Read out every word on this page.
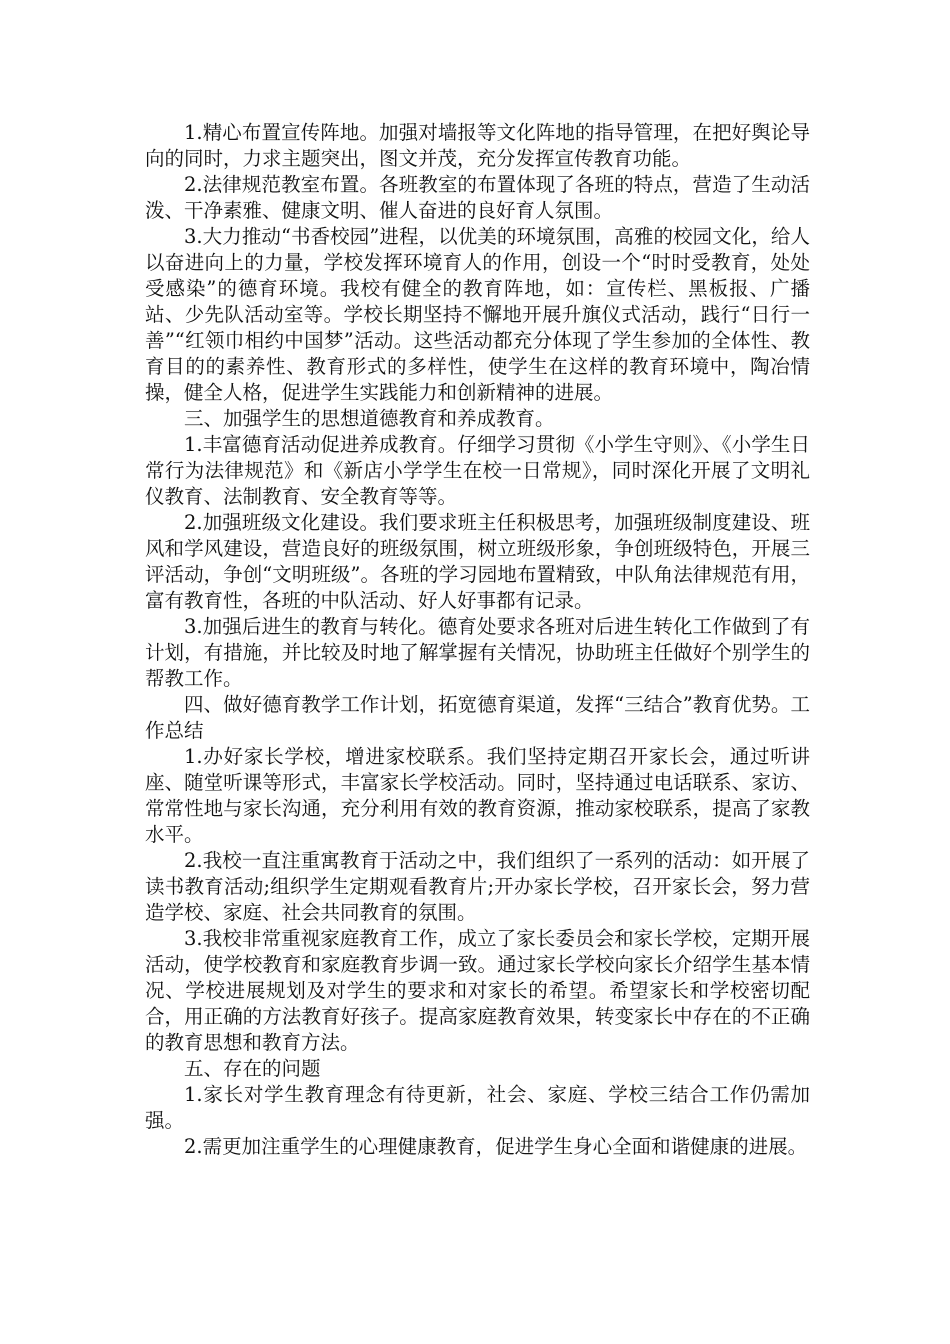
1.精心布置宣传阵地。加强对墙报等文化阵地的指导管理，在把好舆论导向的同时，力求主题突出，图文并茂，充分发挥宣传教育功能。

2.法律规范教室布置。各班教室的布置体现了各班的特点，营造了生动活泼、干净素雅、健康文明、催人奋进的良好育人氛围。

3.大力推动“书香校园”进程，以优美的环境氛围，高雅的校园文化，给人以奋进向上的力量，学校发挥环境育人的作用，创设一个“时时受教育，处处受感染”的德育环境。我校有健全的教育阵地，如：宣传栏、黑板报、广播站、少先队活动室等。学校长期坚持不懈地开展升旗仪式活动，践行“日行一善”“红领巾相约中国梦”活动。这些活动都充分体现了学生参加的全体性、教育目的的素养性、教育形式的多样性，使学生在这样的教育环境中，陶冶情操，健全人格，促进学生实践能力和创新精神的进展。

三、加强学生的思想道德教育和养成教育。

1.丰富德育活动促进养成教育。仔细学习贯彻《小学生守则》、《小学生日常行为法律规范》和《新店小学学生在校一日常规》，同时深化开展了文明礼仪教育、法制教育、安全教育等等。

2.加强班级文化建设。我们要求班主任积极思考，加强班级制度建设、班风和学风建设，营造良好的班级氛围，树立班级形象，争创班级特色，开展三评活动，争创“文明班级”。各班的学习园地布置精致，中队角法律规范有用，富有教育性，各班的中队活动、好人好事都有记录。

3.加强后进生的教育与转化。德育处要求各班对后进生转化工作做到了有计划，有措施，并比较及时地了解掌握有关情况，协助班主任做好个别学生的帮教工作。

四、做好德育教学工作计划，拓宽德育渠道，发挥“三结合”教育优势。工作总结

1.办好家长学校，增进家校联系。我们坚持定期召开家长会，通过听讲座、随堂听课等形式，丰富家长学校活动。同时，坚持通过电话联系、家访、常常性地与家长沟通，充分利用有效的教育资源，推动家校联系，提高了家教水平。

2.我校一直注重寓教育于活动之中，我们组织了一系列的活动：如开展了读书教育活动;组织学生定期观看教育片;开办家长学校，召开家长会，努力营造学校、家庭、社会共同教育的氛围。

3.我校非常重视家庭教育工作，成立了家长委员会和家长学校，定期开展活动，使学校教育和家庭教育步调一致。通过家长学校向家长介绍学生基本情况、学校进展规划及对学生的要求和对家长的希望。希望家长和学校密切配合，用正确的方法教育好孩子。提高家庭教育效果，转变家长中存在的不正确的教育思想和教育方法。

五、存在的问题

1.家长对学生教育理念有待更新，社会、家庭、学校三结合工作仍需加强。

2.需更加注重学生的心理健康教育，促进学生身心全面和谐健康的进展。
